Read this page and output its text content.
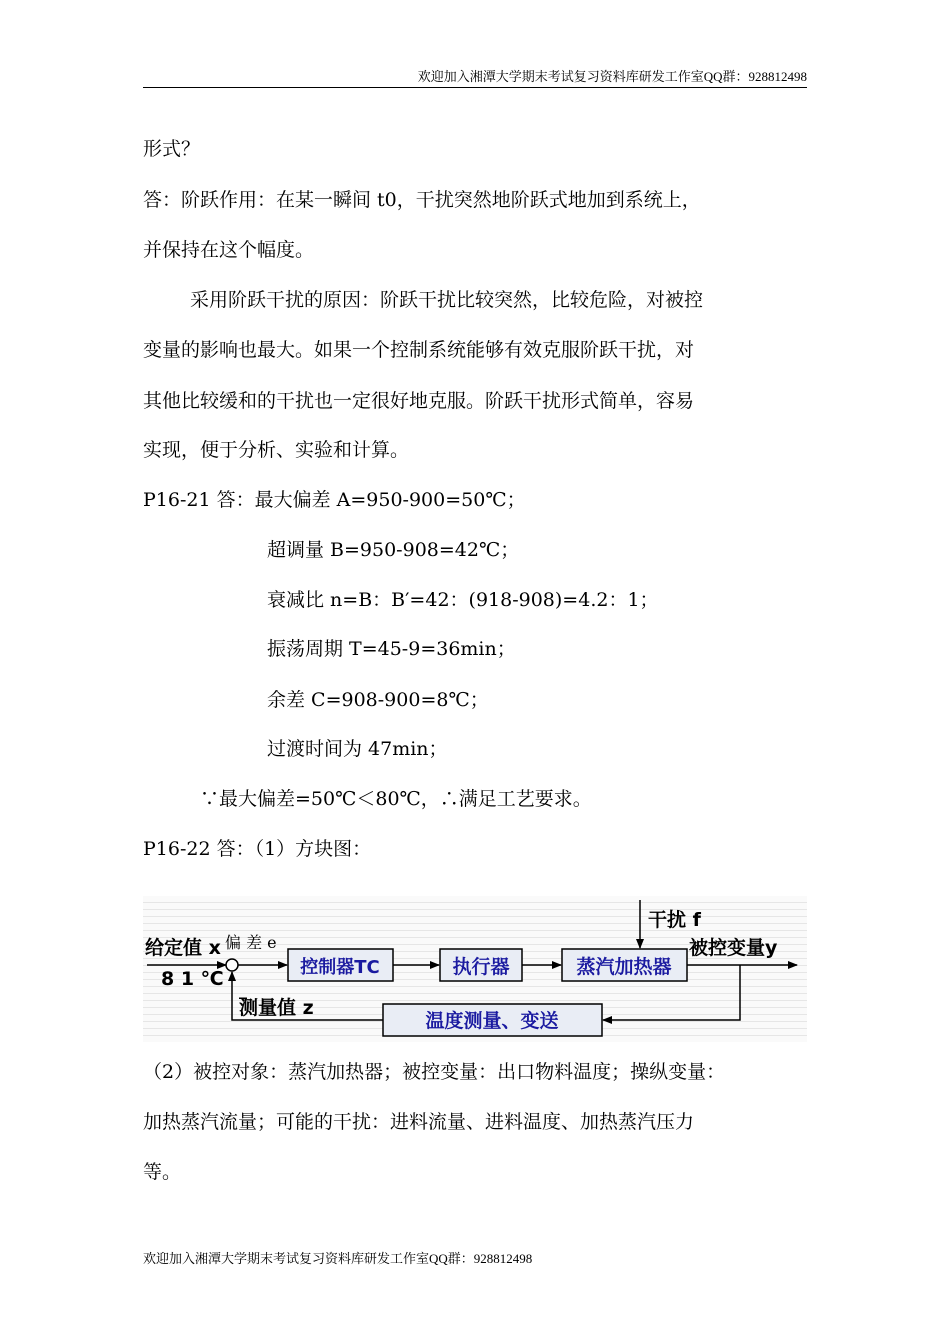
欢迎加入湘潭大学期末考试复习资料库研发工作室QQ群：928812498
形式？
答：阶跃作用：在某一瞬间 t0，干扰突然地阶跃式地加到系统上，
并保持在这个幅度。
采用阶跃干扰的原因：阶跃干扰比较突然，比较危险，对被控
变量的影响也最大。如果一个控制系统能够有效克服阶跃干扰，对
其他比较缓和的干扰也一定很好地克服。阶跃干扰形式简单，容易
实现，便于分析、实验和计算。
P16-21 答：最大偏差 A=950-900=50℃；
超调量 B=950-908=42℃；
衰减比 n=B：B′=42：(918-908)=4.2：1；
振荡周期 T=45-9=36min；
余差 C=908-900=8℃；
过渡时间为 47min；
∵最大偏差=50℃＜80℃，∴满足工艺要求。
P16-22 答：（1）方块图：
给定值 x
8 1 ℃
偏 差 e
_
控制器TC	执行器	蒸汽加热器
干扰 f
被控变量y
温度测量、变送
测量值 z
（2）被控对象：蒸汽加热器；被控变量：出口物料温度；操纵变量：
加热蒸汽流量；可能的干扰：进料流量、进料温度、加热蒸汽压力
等。
欢迎加入湘潭大学期末考试复习资料库研发工作室QQ群：928812498
